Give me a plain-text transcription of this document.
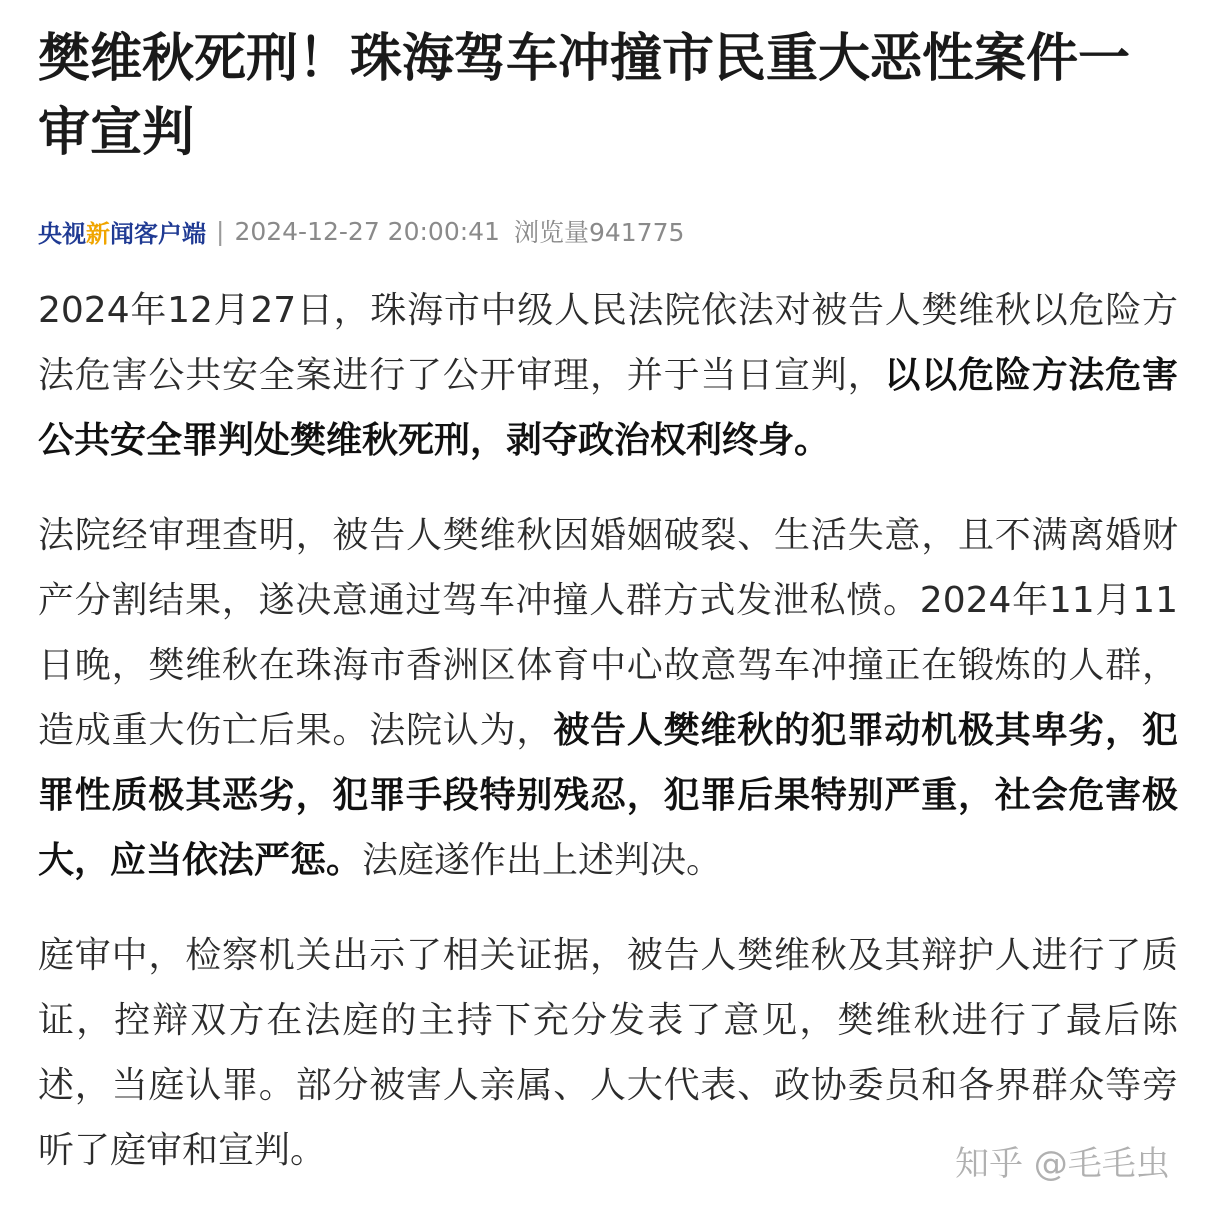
樊维秋死刑！珠海驾车冲撞市民重大恶性案件一审宣判
央视新闻客户端 | 2024-12-27 20:00:41 浏览量941775
2024年12月27日，珠海市中级人民法院依法对被告人樊维秋以危险方法危害公共安全案进行了公开审理，并于当日宣判，以以危险方法危害公共安全罪判处樊维秋死刑，剥夺政治权利终身。
法院经审理查明，被告人樊维秋因婚姻破裂、生活失意，且不满离婚财产分割结果，遂决意通过驾车冲撞人群方式发泄私愤。2024年11月11日晚，樊维秋在珠海市香洲区体育中心故意驾车冲撞正在锻炼的人群，造成重大伤亡后果。法院认为，被告人樊维秋的犯罪动机极其卑劣，犯罪性质极其恶劣，犯罪手段特别残忍，犯罪后果特别严重，社会危害极大，应当依法严惩。法庭遂作出上述判决。
庭审中，检察机关出示了相关证据，被告人樊维秋及其辩护人进行了质证，控辩双方在法庭的主持下充分发表了意见，樊维秋进行了最后陈述，当庭认罪。部分被害人亲属、人大代表、政协委员和各界群众等旁听了庭审和宣判。	知乎 @毛毛虫
